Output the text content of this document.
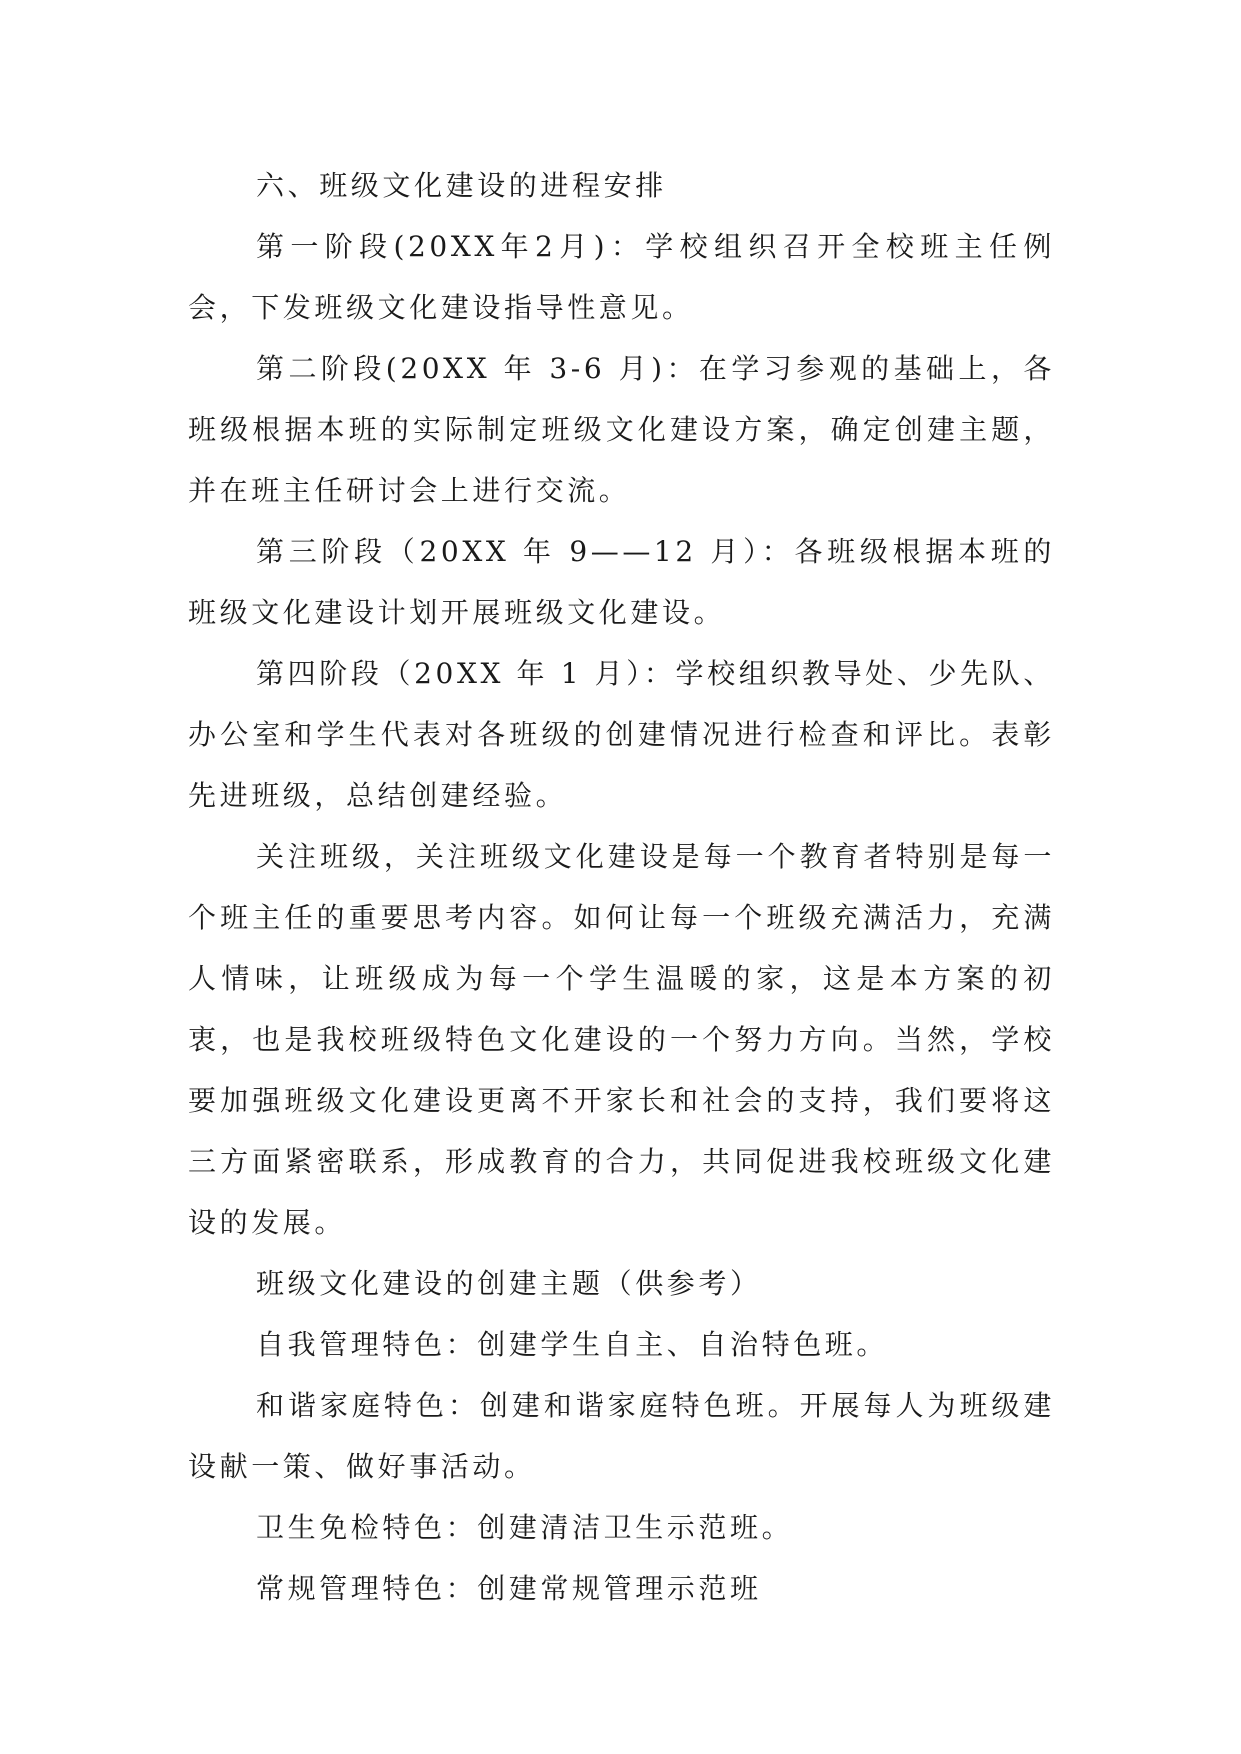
六、班级文化建设的进程安排

第一阶段(20XX年2月)：学校组织召开全校班主任例会，下发班级文化建设指导性意见。

第二阶段(20XX 年 3-6 月)：在学习参观的基础上，各班级根据本班的实际制定班级文化建设方案，确定创建主题，并在班主任研讨会上进行交流。

第三阶段（20XX 年 9——12 月）：各班级根据本班的班级文化建设计划开展班级文化建设。

第四阶段（20XX 年 1 月）：学校组织教导处、少先队、办公室和学生代表对各班级的创建情况进行检查和评比。表彰先进班级，总结创建经验。

关注班级，关注班级文化建设是每一个教育者特别是每一个班主任的重要思考内容。如何让每一个班级充满活力，充满人情味，让班级成为每一个学生温暖的家，这是本方案的初衷，也是我校班级特色文化建设的一个努力方向。当然，学校要加强班级文化建设更离不开家长和社会的支持，我们要将这三方面紧密联系，形成教育的合力，共同促进我校班级文化建设的发展。

班级文化建设的创建主题（供参考）

自我管理特色：创建学生自主、自治特色班。

和谐家庭特色：创建和谐家庭特色班。开展每人为班级建设献一策、做好事活动。

卫生免检特色：创建清洁卫生示范班。

常规管理特色：创建常规管理示范班
